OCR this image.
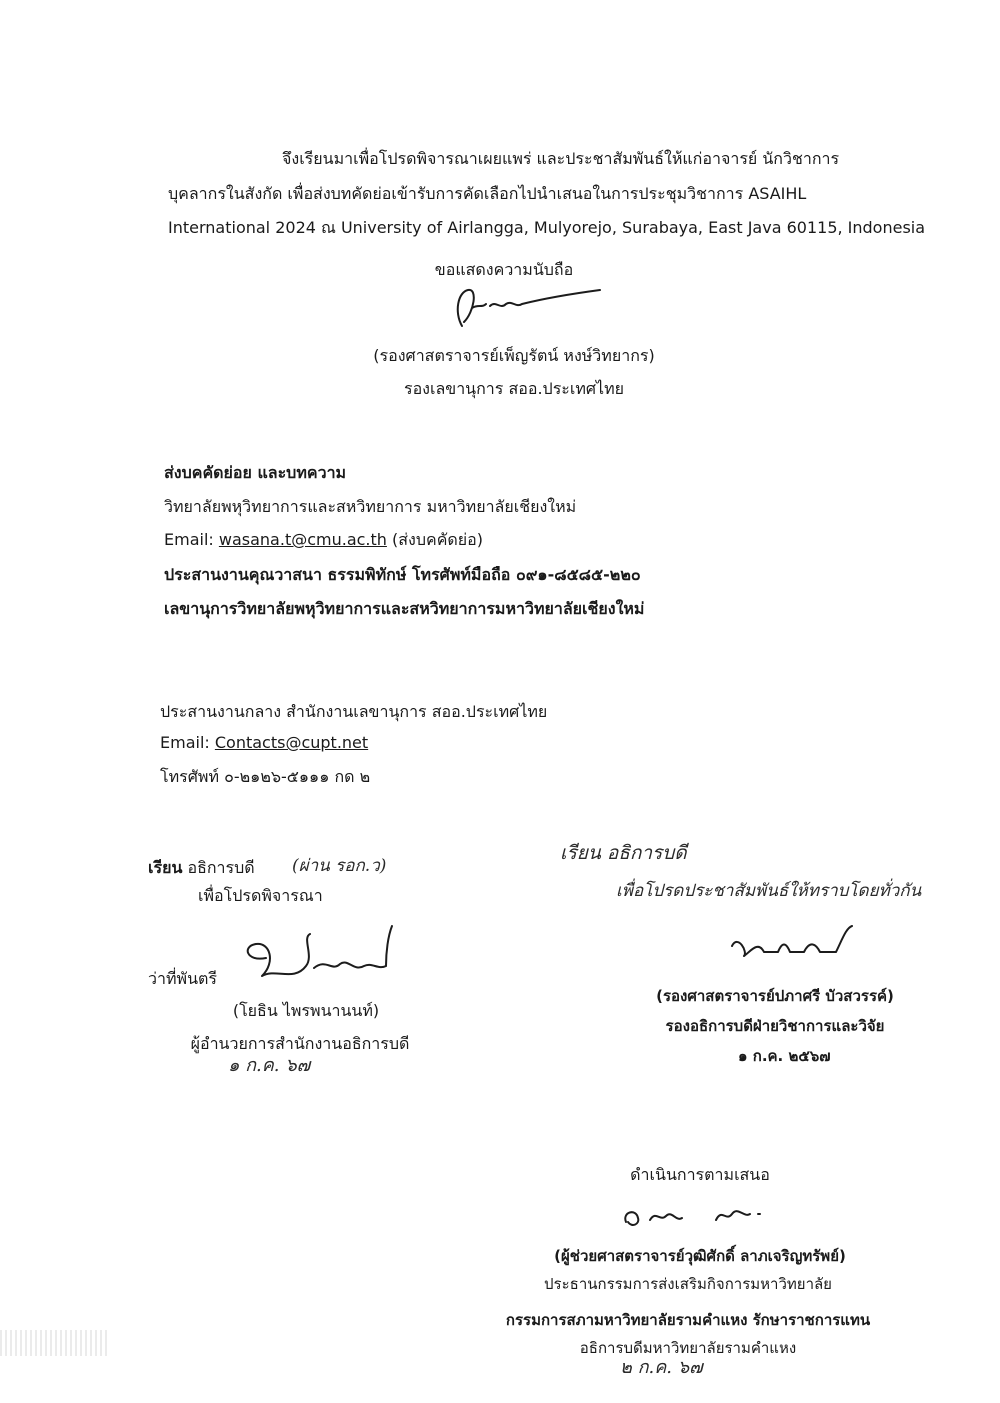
จึงเรียนมาเพื่อโปรดพิจารณาเผยแพร่ และประชาสัมพันธ์ให้แก่อาจารย์ นักวิชาการ
บุคลากรในสังกัด เพื่อส่งบทคัดย่อเข้ารับการคัดเลือกไปนำเสนอในการประชุมวิชาการ ASAIHL
International 2024 ณ University of Airlangga, Mulyorejo, Surabaya, East Java 60115, Indonesia
ขอแสดงความนับถือ
(รองศาสตราจารย์เพ็ญรัตน์ หงษ์วิทยากร)
รองเลขานุการ สออ.ประเทศไทย
ส่งบคคัดย่อย และบทความ
วิทยาลัยพหุวิทยาการและสหวิทยาการ มหาวิทยาลัยเชียงใหม่
Email: wasana.t@cmu.ac.th (ส่งบคคัดย่อ)
ประสานงานคุณวาสนา ธรรมพิทักษ์ โทรศัพท์มือถือ ๐๙๑-๘๕๘๕-๒๒๐
เลขานุการวิทยาลัยพหุวิทยาการและสหวิทยาการมหาวิทยาลัยเชียงใหม่
ประสานงานกลาง สำนักงานเลขานุการ สออ.ประเทศไทย
Email: Contacts@cupt.net
โทรศัพท์ ๐-๒๑๒๖-๕๑๑๑ กด ๒
เรียน อธิการบดี (ผ่าน รอก.ว)
เพื่อโปรดพิจารณา
ว่าที่พันตรี
(โยธิน ไพรพนานนท์)
ผู้อำนวยการสำนักงานอธิการบดี
๑ ก.ค. ๖๗
เรียน อธิการบดี
เพื่อโปรดประชาสัมพันธ์ให้ทราบโดยทั่วกัน
(รองศาสตราจารย์ปภาศรี บัวสวรรค์)
รองอธิการบดีฝ่ายวิชาการและวิจัย
๑ ก.ค. ๒๕๖๗
ดำเนินการตามเสนอ
(ผู้ช่วยศาสตราจารย์วุฒิศักดิ์ ลาภเจริญทรัพย์)
ประธานกรรมการส่งเสริมกิจการมหาวิทยาลัย
กรรมการสภามหาวิทยาลัยรามคำแหง รักษาราชการแทน
อธิการบดีมหาวิทยาลัยรามคำแหง
๒ ก.ค. ๖๗
